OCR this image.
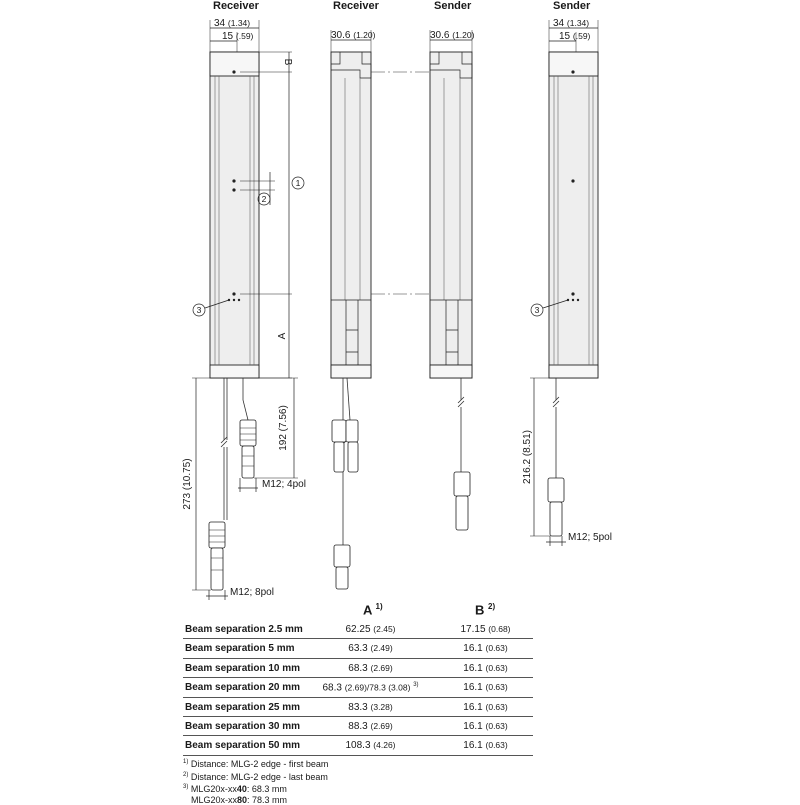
Receiver	Receiver	Sender	Sender
34 (1.34)
15 (.59)
B
A
1
2
3
192 (7.56)
M12; 4pol
273 (10.75)
M12; 8pol
30.6 (1.20)	30.6 (1.20)
34 (1.34)
15 (.59)
3
216.2 (8.51)
M12; 5pol
A $^{1)}$	B $^{2)}$
Beam separation 2.5 mm	62.25 (2.45)	17.15 (0.68)
Beam separation 5 mm	63.3 (2.49)	16.1 (0.63)
Beam separation 10 mm	68.3 (2.69)	16.1 (0.63)
Beam separation 20 mm	68.3 (2.69)/78.3 (3.08) $^{3)}$	16.1 (0.63)
Beam separation 25 mm	83.3 (3.28)	16.1 (0.63)
Beam separation 30 mm	88.3 (2.69)	16.1 (0.63)
Beam separation 50 mm	108.3 (4.26)	16.1 (0.63)
$^{1)}$ Distance: MLG-2 edge - first beam
$^{2)}$ Distance: MLG-2 edge - last beam
$^{3)}$ MLG20x-xx40: 68.3 mm
MLG20x-xx80: 78.3 mm
